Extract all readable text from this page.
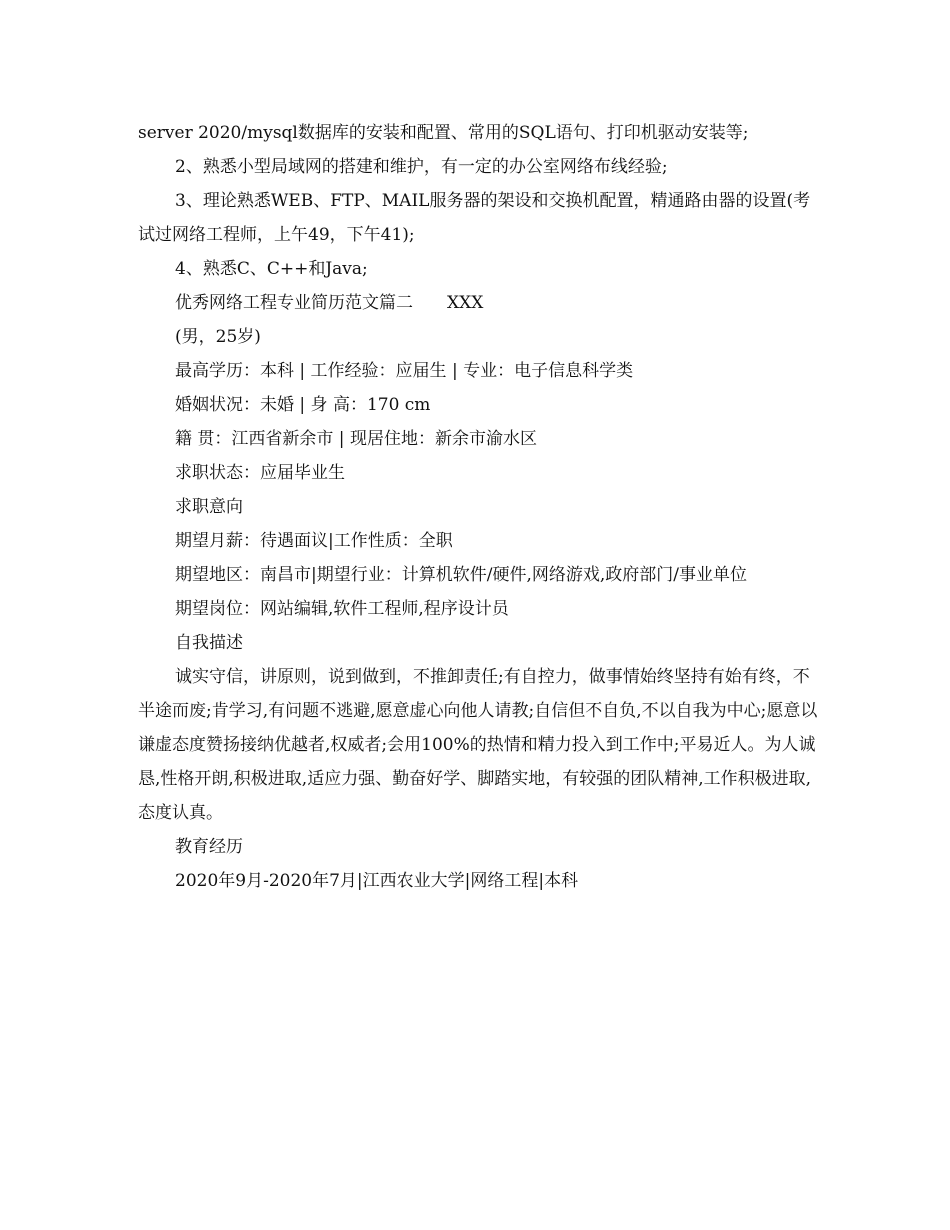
server 2020/mysql数据库的安装和配置、常用的SQL语句、打印机驱动安装等;

2、熟悉小型局域网的搭建和维护，有一定的办公室网络布线经验;

3、理论熟悉WEB、FTP、MAIL服务器的架设和交换机配置，精通路由器的设置(考试过网络工程师，上午49，下午41);

4、熟悉C、C++和Java;

优秀网络工程专业简历范文篇二　　XXX

(男，25岁)

最高学历：本科 | 工作经验：应届生 | 专业：电子信息科学类

婚姻状况：未婚 | 身 高：170 cm

籍 贯：江西省新余市 | 现居住地：新余市渝水区

求职状态：应届毕业生

求职意向

期望月薪：待遇面议|工作性质：全职

期望地区：南昌市|期望行业：计算机软件/硬件,网络游戏,政府部门/事业单位

期望岗位：网站编辑,软件工程师,程序设计员

自我描述

诚实守信，讲原则，说到做到，不推卸责任;有自控力，做事情始终坚持有始有终，不半途而废;肯学习,有问题不逃避,愿意虚心向他人请教;自信但不自负,不以自我为中心;愿意以谦虚态度赞扬接纳优越者,权威者;会用100%的热情和精力投入到工作中;平易近人。为人诚恳,性格开朗,积极进取,适应力强、勤奋好学、脚踏实地，有较强的团队精神,工作积极进取,态度认真。

教育经历

2020年9月-2020年7月|江西农业大学|网络工程|本科
